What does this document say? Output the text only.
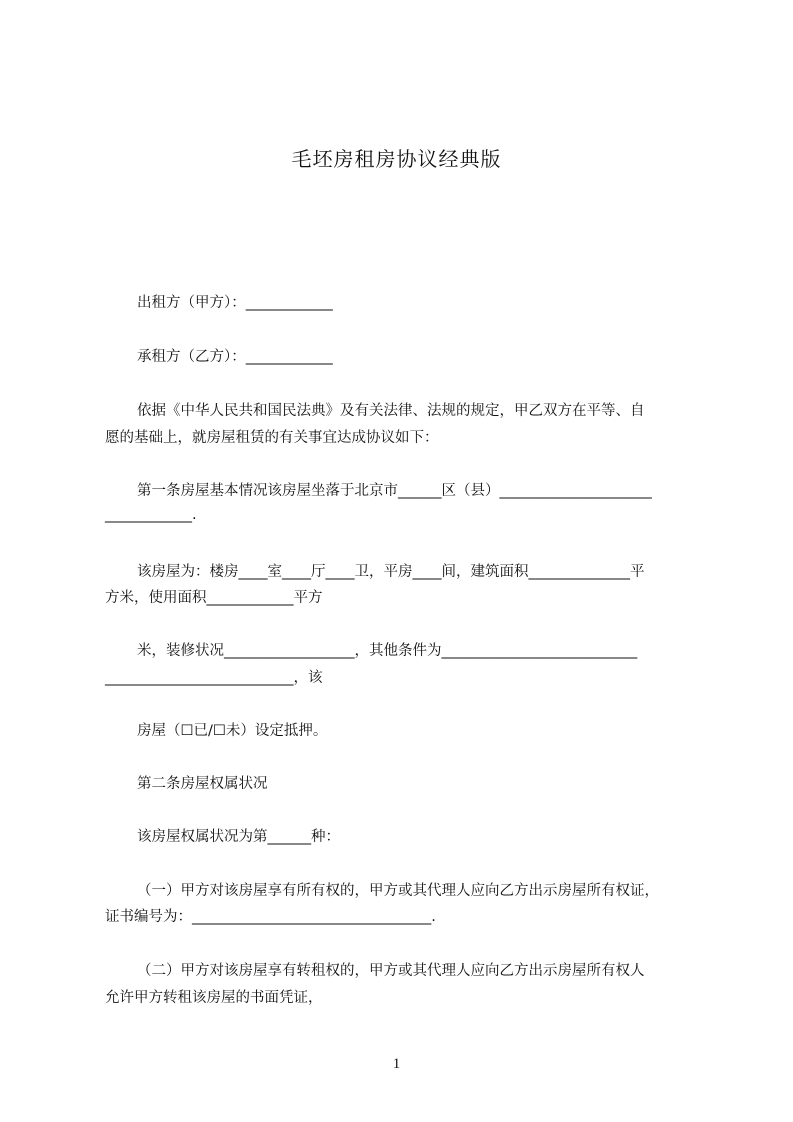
毛坯房租房协议经典版
出租方（甲方）：____________
承租方（乙方）：____________
依据《中华人民共和国民法典》及有关法律、法规的规定，甲乙双方在平等、自
愿的基础上，就房屋租赁的有关事宜达成协议如下：
第一条房屋基本情况该房屋坐落于北京市______区（县）_____________________
____________.
该房屋为：楼房____室____厅____卫，平房____间，建筑面积______________平
方米，使用面积____________平方
米，装修状况__________________，其他条件为___________________________
__________________________，该
房屋（☐已/☐未）设定抵押。
第二条房屋权属状况
该房屋权属状况为第______种：
（一）甲方对该房屋享有所有权的，甲方或其代理人应向乙方出示房屋所有权证，
证书编号为：_________________________________.
（二）甲方对该房屋享有转租权的，甲方或其代理人应向乙方出示房屋所有权人
允许甲方转租该房屋的书面凭证，
1
